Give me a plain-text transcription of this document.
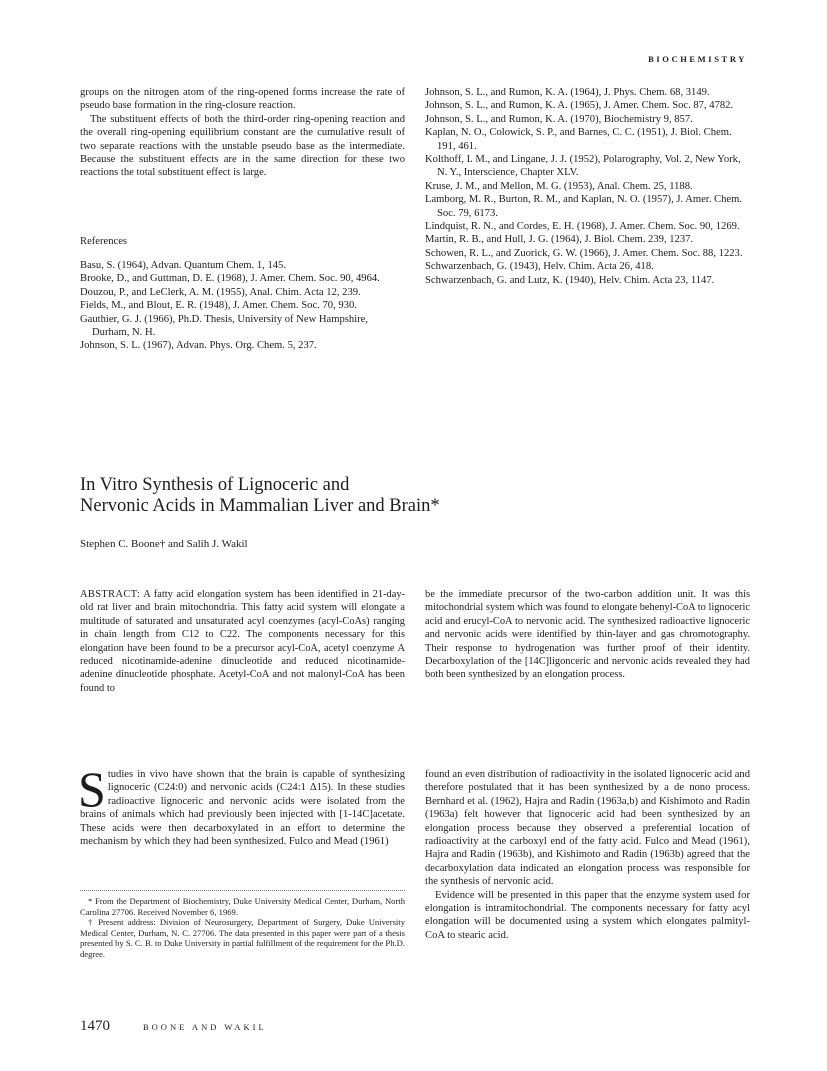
BIOCHEMISTRY

groups on the nitrogen atom of the ring-opened forms increase the rate of pseudo base formation in the ring-closure reaction.

The substituent effects of both the third-order ring-opening reaction and the overall ring-opening equilibrium constant are the cumulative result of two separate reactions with the unstable pseudo base as the intermediate. Because the substituent effects are in the same direction for these two reactions the total substituent effect is large.

References

Basu, S. (1964), Advan. Quantum Chem. 1, 145.

Brooke, D., and Guttman, D. E. (1968), J. Amer. Chem. Soc. 90, 4964.

Douzou, P., and LeClerk, A. M. (1955), Anal. Chim. Acta 12, 239.

Fields, M., and Blout, E. R. (1948), J. Amer. Chem. Soc. 70, 930.

Gauthier, G. J. (1966), Ph.D. Thesis, University of New Hampshire, Durham, N. H.

Johnson, S. L. (1967), Advan. Phys. Org. Chem. 5, 237.

Johnson, S. L., and Rumon, K. A. (1964), J. Phys. Chem. 68, 3149.

Johnson, S. L., and Rumon, K. A. (1965), J. Amer. Chem. Soc. 87, 4782.

Johnson, S. L., and Rumon, K. A. (1970), Biochemistry 9, 857.

Kaplan, N. O., Colowick, S. P., and Barnes, C. C. (1951), J. Biol. Chem. 191, 461.

Kolthoff, I. M., and Lingane, J. J. (1952), Polarography, Vol. 2, New York, N. Y., Interscience, Chapter XLV.

Kruse, J. M., and Mellon, M. G. (1953), Anal. Chem. 25, 1188.

Lamborg, M. R., Burton, R. M., and Kaplan, N. O. (1957), J. Amer. Chem. Soc. 79, 6173.

Lindquist, R. N., and Cordes, E. H. (1968), J. Amer. Chem. Soc. 90, 1269.

Martin, R. B., and Hull, J. G. (1964), J. Biol. Chem. 239, 1237.

Schowen, R. L., and Zuorick, G. W. (1966), J. Amer. Chem. Soc. 88, 1223.

Schwarzenbach, G. (1943), Helv. Chim. Acta 26, 418.

Schwarzenbach, G. and Lutz, K. (1940), Helv. Chim. Acta 23, 1147.

In Vitro Synthesis of Lignoceric and
Nervonic Acids in Mammalian Liver and Brain*
Stephen C. Boone† and Salih J. Wakil
ABSTRACT: A fatty acid elongation system has been identified in 21-day-old rat liver and brain mitochondria. This fatty acid system will elongate a multitude of saturated and unsaturated acyl coenzymes (acyl-CoAs) ranging in chain length from C12 to C22. The components necessary for this elongation have been found to be a precursor acyl-CoA, acetyl coenzyme A reduced nicotinamide-adenine dinucleotide and reduced nicotinamide-adenine dinucleotide phosphate. Acetyl-CoA and not malonyl-CoA has been found to
be the immediate precursor of the two-carbon addition unit. It was this mitochondrial system which was found to elongate behenyl-CoA to lignoceric acid and erucyl-CoA to nervonic acid. The synthesized radioactive lignoceric and nervonic acids were identified by thin-layer and gas chromotography. Their response to hydrogenation was further proof of their identity. Decarboxylation of the [14C]ligonceric and nervonic acids revealed they had both been synthesized by an elongation process.
S tudies in vivo have shown that the brain is capable of synthesizing lignoceric (C24:0) and nervonic acids (C24:1 Δ15). In these studies radioactive lignoceric and nervonic acids were isolated from the brains of animals which had previously been injected with [1-14C]acetate. These acids were then decarboxylated in an effort to determine the mechanism by which they had been synthesized. Fulco and Mead (1961)

found an even distribution of radioactivity in the isolated lignoceric acid and therefore postulated that it has been synthesized by a de nono process. Bernhard et al. (1962), Hajra and Radin (1963a,b) and Kishimoto and Radin (1963a) felt however that lignoceric acid had been synthesized by an elongation process because they observed a preferential location of radioactivity at the carboxyl end of the fatty acid. Fulco and Mead (1961), Hajra and Radin (1963b), and Kishimoto and Radin (1963b) agreed that the decarboxylation data indicated an elongation process was responsible for the synthesis of nervonic acid.

Evidence will be presented in this paper that the enzyme system used for elongation is intramitochondrial. The components necessary for fatty acyl elongation will be documented using a system which elongates palmityl-CoA to stearic acid.

* From the Department of Biochemistry, Duke University Medical Center, Durham, North Carolina 27706. Received November 6, 1969.

† Present address: Division of Neurosurgery, Department of Surgery, Duke University Medical Center, Durham, N. C. 27706. The data presented in this paper were part of a thesis presented by S. C. B. to Duke University in partial fulfillment of the requirement for the Ph.D. degree.

1470	BOONE AND WAKIL
